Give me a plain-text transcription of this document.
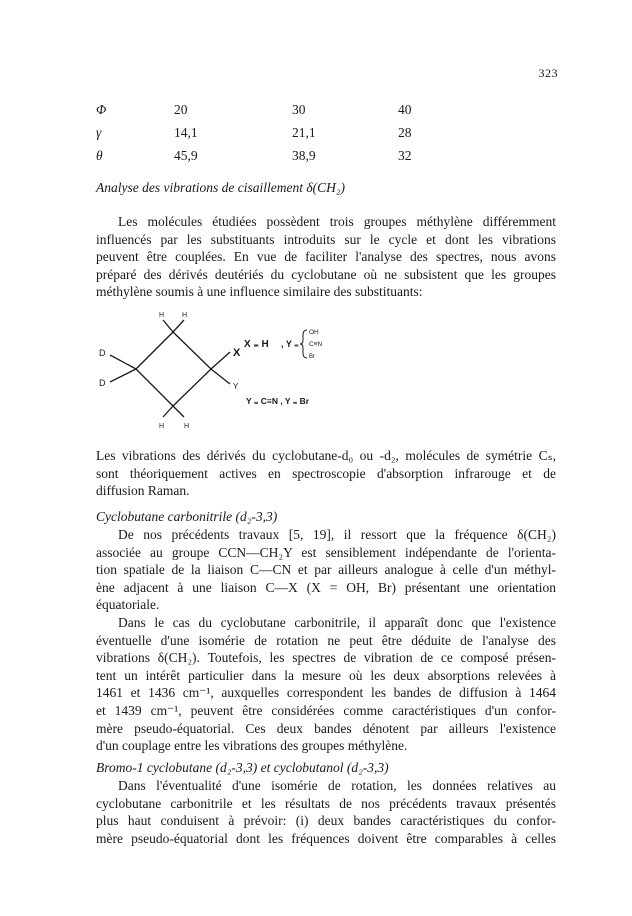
323
Φ	20	30	40
γ	14,1	21,1	28
θ	45,9	38,9	32
Analyse des vibrations de cisaillement δ(CH₂)
Les molécules étudiées possèdent trois groupes méthylène différemment
influencés par les substituants introduits sur le cycle et dont les vibrations
peuvent être couplées. En vue de faciliter l'analyse des spectres, nous avons
préparé des dérivés deutériés du cyclobutane où ne subsistent que les groupes
méthylène soumis à une influence similaire des substituants:
H	H
D
D
X
Y
H	H
X ₌ H , Y ₌
OH
C≡N
Br
Y ₌ C≡N , Y ₌ Br
Les vibrations des dérivés du cyclobutane-d₀ ou -d₂, molécules de symétrie Cₛ,
sont théoriquement actives en spectroscopie d'absorption infrarouge et de
diffusion Raman.
Cyclobutane carbonitrile (d₂-3,3)
De nos précédents travaux [5, 19], il ressort que la fréquence δ(CH₂)
associée au groupe CCN—CH₂Y est sensiblement indépendante de l'orienta-
tion spatiale de la liaison C—CN et par ailleurs analogue à celle d'un méthyl-
ène adjacent à une liaison C—X (X = OH, Br) présentant une orientation
équatoriale.
Dans le cas du cyclobutane carbonitrile, il apparaît donc que l'existence
éventuelle d'une isomérie de rotation ne peut être déduite de l'analyse des
vibrations δ(CH₂). Toutefois, les spectres de vibration de ce composé présen-
tent un intérêt particulier dans la mesure où les deux absorptions relevées à
1461 et 1436 cm⁻¹, auxquelles correspondent les bandes de diffusion à 1464
et 1439 cm⁻¹, peuvent être considérées comme caractéristiques d'un confor-
mère pseudo-équatorial. Ces deux bandes dénotent par ailleurs l'existence
d'un couplage entre les vibrations des groupes méthylène.
Bromo-1 cyclobutane (d₂-3,3) et cyclobutanol (d₂-3,3)
Dans l'éventualité d'une isomérie de rotation, les données relatives au
cyclobutane carbonitrile et les résultats de nos précédents travaux présentés
plus haut conduisent à prévoir: (i) deux bandes caractéristiques du confor-
mère pseudo-équatorial dont les fréquences doivent être comparables à celles
